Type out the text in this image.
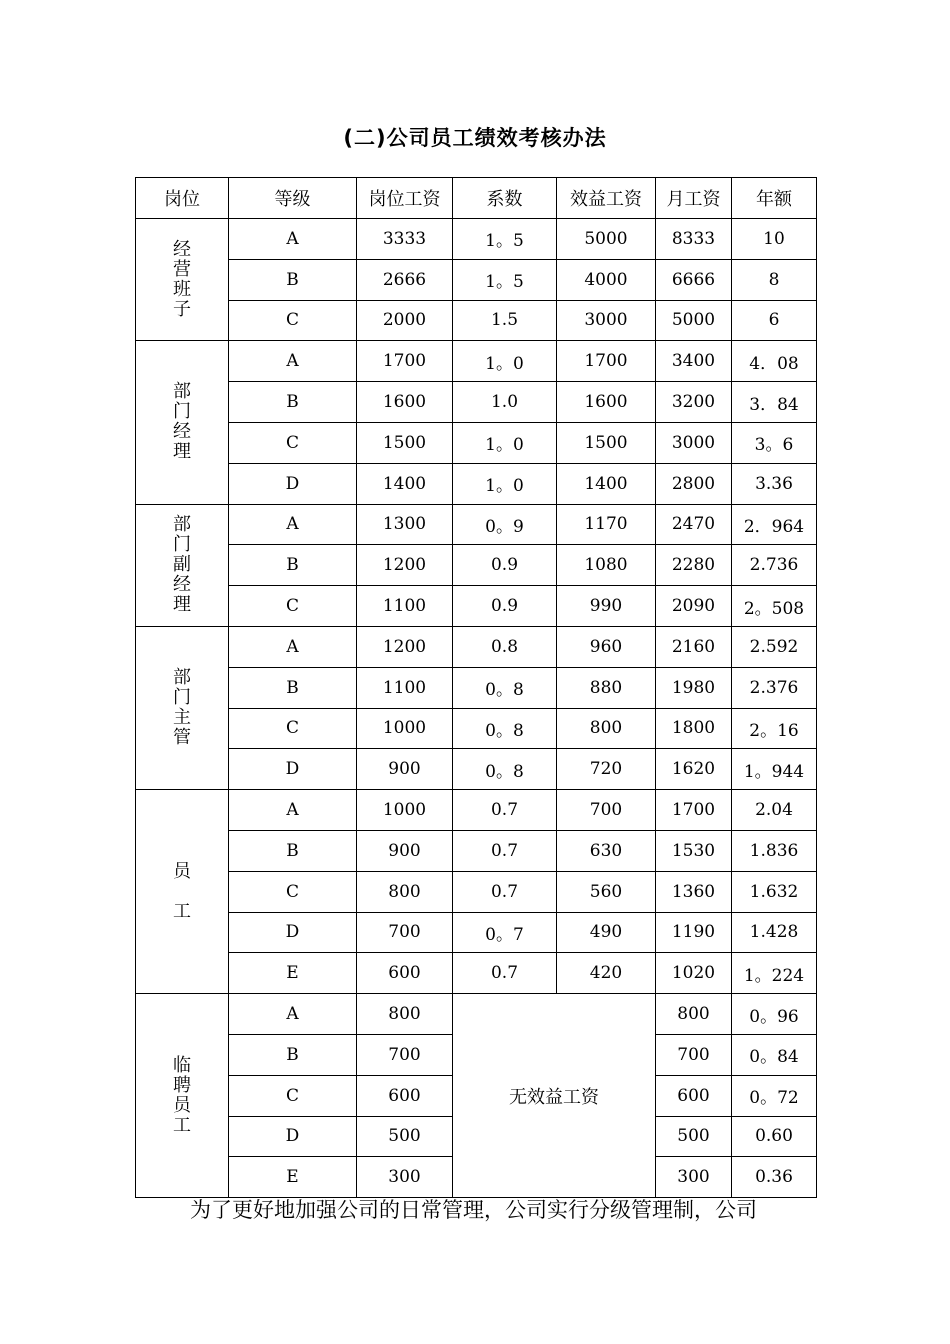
(二)公司员工绩效考核办法
岗位	等级	岗位工资	系数	效益工资	月工资	年额
经营班子	A	3333	1。5	5000	8333	10
	B	2666	1。5	4000	6666	8
	C	2000	1.5	3000	5000	6
部门经理	A	1700	1。0	1700	3400	4．08
	B	1600	1.0	1600	3200	3．84
	C	1500	1。0	1500	3000	3。6
	D	1400	1。0	1400	2800	3.36
部门副经理	A	1300	0。9	1170	2470	2．964
	B	1200	0.9	1080	2280	2.736
	C	1100	0.9	990	2090	2。508
部门主管	A	1200	0.8	960	2160	2.592
	B	1100	0。8	880	1980	2.376
	C	1000	0。8	800	1800	2。16
	D	900	0。8	720	1620	1。944
员工	A	1000	0.7	700	1700	2.04
	B	900	0.7	630	1530	1.836
	C	800	0.7	560	1360	1.632
	D	700	0。7	490	1190	1.428
	E	600	0.7	420	1020	1。224
临聘员工	A	800	无效益工资		800	0。96
	B	700			700	0。84
	C	600			600	0。72
	D	500			500	0.60
	E	300			300	0.36
为了更好地加强公司的日常管理，公司实行分级管理制，公司
